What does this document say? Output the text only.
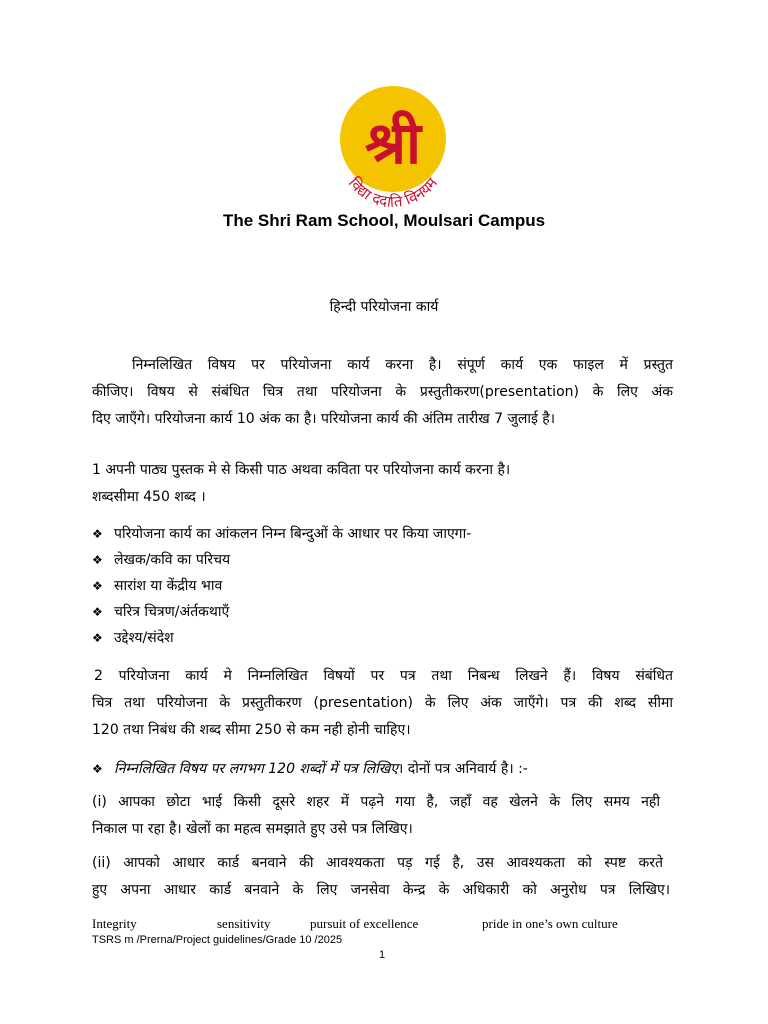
श्री
विद्या ददाति विनयम
The Shri Ram School, Moulsari Campus
हिन्दी परियोजना कार्य
निम्नलिखित विषय पर परियोजना कार्य करना है। संपूर्ण कार्य एक फाइल में प्रस्तुत
कीजिए। विषय से संबंधित चित्र तथा परियोजना के प्रस्तुतीकरण(presentation) के लिए अंक
दिए जाएँगे। परियोजना कार्य 10 अंक का है। परियोजना कार्य की अंतिम तारीख 7 जुलाई है।
1 अपनी पाठ्य पुस्तक मे से किसी पाठ अथवा कविता पर परियोजना कार्य करना है।
शब्दसीमा 450 शब्द ।
❖ परियोजना कार्य का आंकलन निम्न बिन्दुओं के आधार पर किया जाएगा-
❖ लेखक/कवि का परिचय
❖ सारांश या केंद्रीय भाव
❖ चरित्र चित्रण/अंर्तकथाएँ
❖ उद्देश्य/संदेश
2 परियोजना कार्य मे निम्नलिखित विषयों पर पत्र तथा निबन्ध लिखने हैं। विषय संबंधित
चित्र तथा परियोजना के प्रस्तुतीकरण (presentation) के लिए अंक जाएँगे। पत्र की शब्द सीमा
120 तथा निबंध की शब्द सीमा 250 से कम नही होनी चाहिए।
❖ निम्नलिखित विषय पर लगभग 120 शब्दों में पत्र लिखिए। दोनों पत्र अनिवार्य है। :-
(i) आपका छोटा भाई किसी दूसरे शहर में पढ़ने गया है, जहाँ वह खेलने के लिए समय नही
निकाल पा रहा है। खेलों का महत्व समझाते हुए उसे पत्र लिखिए।
(ii) आपको आधार कार्ड बनवाने की आवश्यकता पड़ गई है, उस आवश्यकता को स्पष्ट करते
हुए अपना आधार कार्ड बनवाने के लिए जनसेवा केन्द्र के अधिकारी को अनुरोध पत्र लिखिए।
Integrity	sensitivity	pursuit of excellence	pride in one’s own culture
TSRS m /Prerna/Project guidelines/Grade 10 /2025
1
